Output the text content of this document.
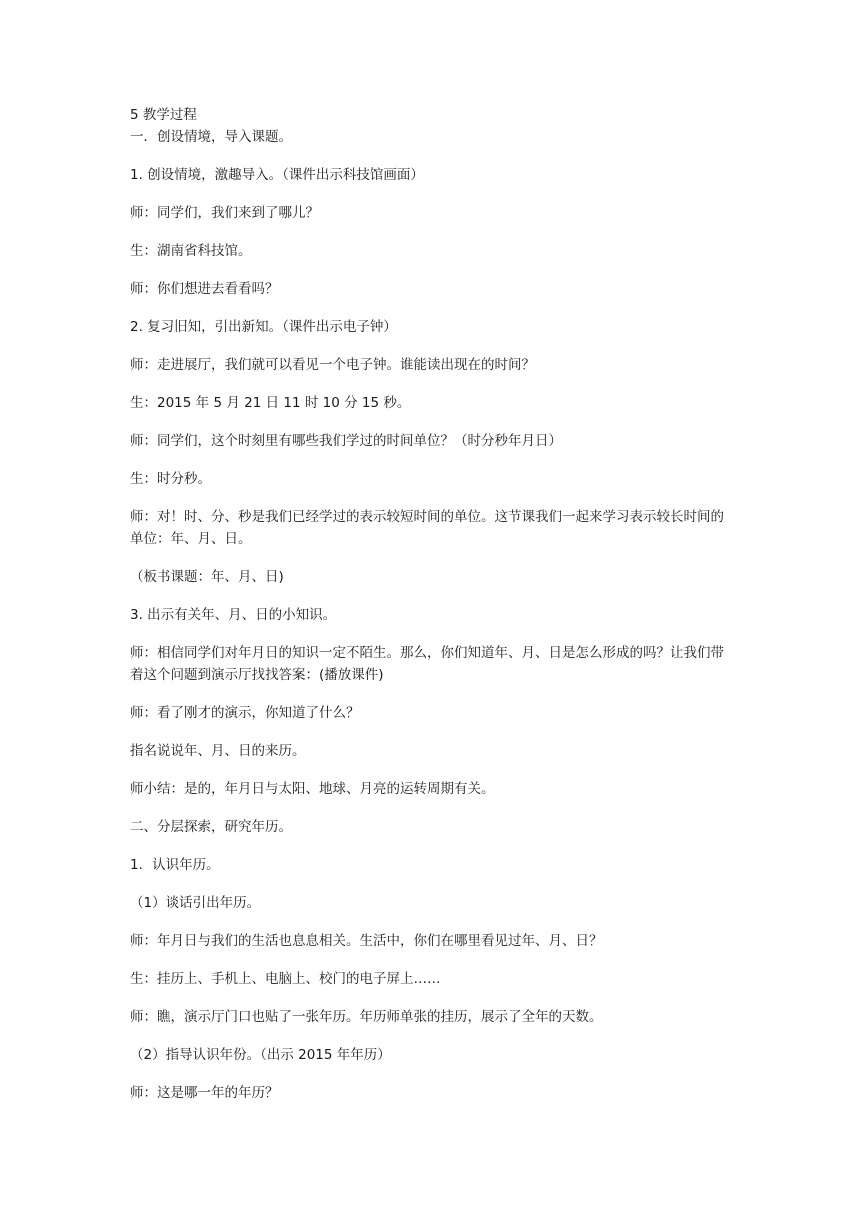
5 教学过程
一．创设情境，导入课题。
1. 创设情境，激趣导入。（课件出示科技馆画面）
师：同学们，我们来到了哪儿？
生：湖南省科技馆。
师：你们想进去看看吗？
2. 复习旧知，引出新知。（课件出示电子钟）
师：走进展厅，我们就可以看见一个电子钟。谁能读出现在的时间？
生：2015 年 5 月 21 日 11 时 10 分 15 秒。
师：同学们，这个时刻里有哪些我们学过的时间单位？（时分秒年月日）
生：时分秒。
师：对！时、分、秒是我们已经学过的表示较短时间的单位。这节课我们一起来学习表示较长时间的单位：年、月、日。
（板书课题：年、月、日)
3. 出示有关年、月、日的小知识。
师：相信同学们对年月日的知识一定不陌生。那么，你们知道年、月、日是怎么形成的吗？让我们带着这个问题到演示厅找找答案：(播放课件)
师：看了刚才的演示，你知道了什么？
指名说说年、月、日的来历。
师小结：是的，年月日与太阳、地球、月亮的运转周期有关。
二、分层探索，研究年历。
1．认识年历。
（1）谈话引出年历。
师：年月日与我们的生活也息息相关。生活中，你们在哪里看见过年、月、日？
生：挂历上、手机上、电脑上、校门的电子屏上……
师：瞧，演示厅门口也贴了一张年历。年历师单张的挂历，展示了全年的天数。
（2）指导认识年份。（出示 2015 年年历）
师：这是哪一年的年历？
